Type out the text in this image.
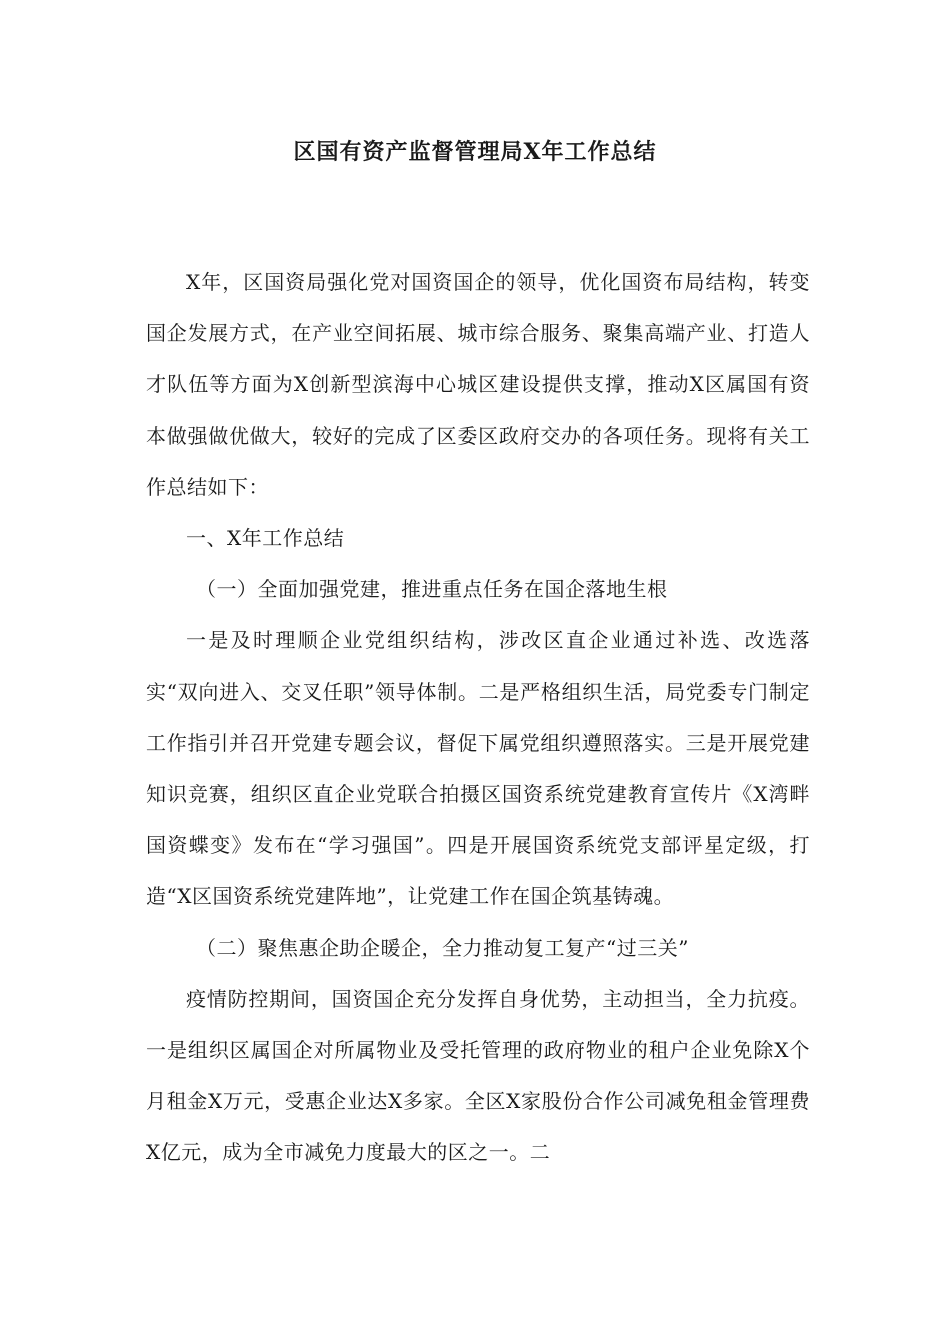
区国有资产监督管理局X年工作总结

X年，区国资局强化党对国资国企的领导，优化国资布局结构，转变国企发展方式，在产业空间拓展、城市综合服务、聚集高端产业、打造人才队伍等方面为X创新型滨海中心城区建设提供支撑，推动X区属国有资本做强做优做大，较好的完成了区委区政府交办的各项任务。现将有关工作总结如下：

一、X年工作总结

（一）全面加强党建，推进重点任务在国企落地生根

一是及时理顺企业党组织结构，涉改区直企业通过补选、改选落实“双向进入、交叉任职”领导体制。二是严格组织生活，局党委专门制定工作指引并召开党建专题会议，督促下属党组织遵照落实。三是开展党建知识竞赛，组织区直企业党联合拍摄区国资系统党建教育宣传片《X湾畔国资蝶变》发布在“学习强国”。四是开展国资系统党支部评星定级，打造“X区国资系统党建阵地”，让党建工作在国企筑基铸魂。

（二）聚焦惠企助企暖企，全力推动复工复产“过三关”

疫情防控期间，国资国企充分发挥自身优势，主动担当，全力抗疫。一是组织区属国企对所属物业及受托管理的政府物业的租户企业免除X个月租金X万元，受惠企业达X多家。全区X家股份合作公司减免租金管理费X亿元，成为全市减免力度最大的区之一。二
